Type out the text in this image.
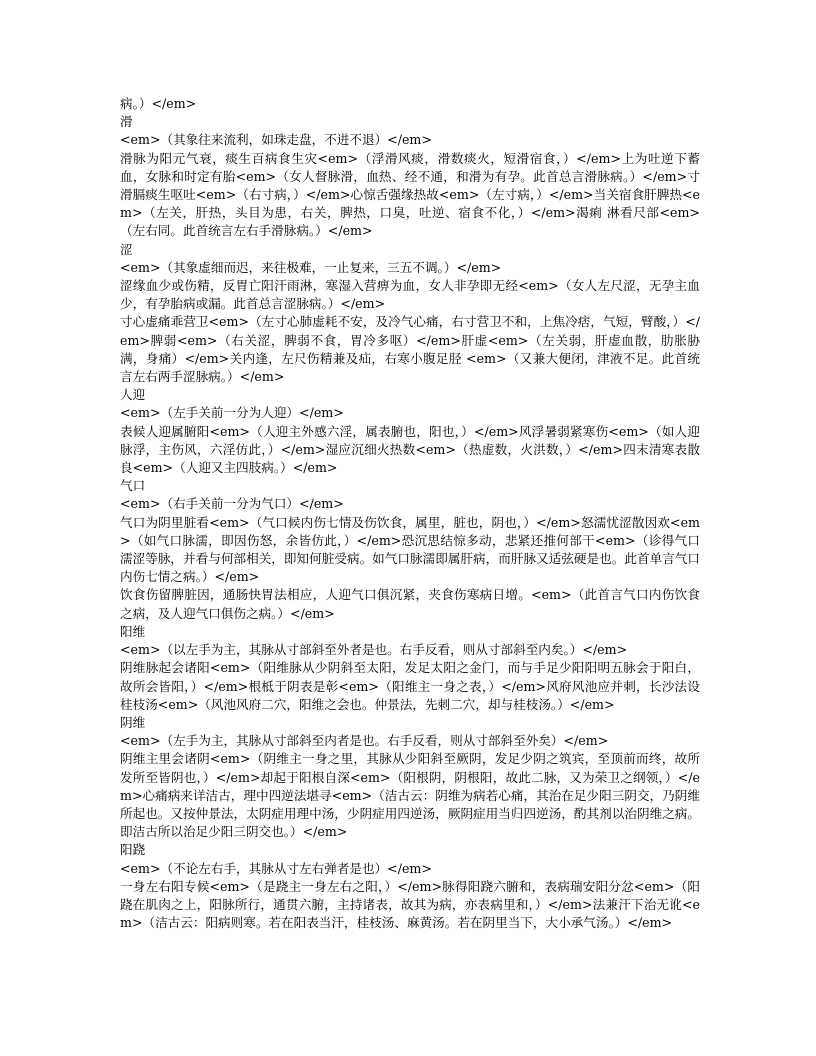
病。）</em>

滑

<em>（其象往来流利，如珠走盘，不进不退）</em>

滑脉为阳元气衰，痰生百病食生灾<em>（浮滑风痰，滑数痰火，短滑宿食，）</em>上为吐逆下蓄血，女脉和时定有胎<em>（女人督脉滑，血热、经不通，和滑为有孕。此首总言滑脉病。）</em>寸滑膈痰生呕吐<em>（右寸病，）</em>心惊舌强缘热故<em>（左寸病，）</em>当关宿食肝脾热<em>（左关，肝热，头目为患，右关，脾热，口臭，吐逆、宿食不化，）</em>渴痢 淋看尺部<em>（左右同。此首统言左右手滑脉病。）</em>

涩

<em>（其象虚细而迟，来往极难，一止复来，三五不调。）</em>

涩缘血少或伤精，反胃亡阳汗雨淋，寒湿入营痹为血，女人非孕即无经<em>（女人左尺涩，无孕主血少，有孕胎病或漏。此首总言涩脉病。）</em>

寸心虚痛乖营卫<em>（左寸心肺虚耗不安，及冷气心痛，右寸营卫不和，上焦冷痞，气短，臂酸，）</em>脾弱<em>（右关涩，脾弱不食，胃冷多呕）</em>肝虚<em>（左关弱，肝虚血散，肋胀胁满，身痛）</em>关内逢，左尺伤精兼及疝，右寒小腹足胫 <em>（又兼大便闭，津液不足。此首统言左右两手涩脉病。）</em>

人迎

<em>（左手关前一分为人迎）</em>

表候人迎属腑阳<em>（人迎主外感六淫，属表腑也，阳也，）</em>风浮暑弱紧寒伤<em>（如人迎脉浮，主伤风，六淫仿此，）</em>湿应沉细火热数<em>（热虚数，火洪数，）</em>四末清寒表散良<em>（人迎又主四肢病。）</em>

气口

<em>（右手关前一分为气口）</em>

气口为阴里脏看<em>（气口候内伤七情及伤饮食，属里，脏也，阴也，）</em>怒濡忧涩散因欢<em>（如气口脉濡，即因伤怒，余皆仿此，）</em>恐沉思结惊多动，悲紧还推何部干<em>（诊得气口濡涩等脉，并看与何部相关，即知何脏受病。如气口脉濡即属肝病，而肝脉又适弦硬是也。此首单言气口内伤七情之病。）</em>

饮食伤留脾脏因，通肠快胃法相应，人迎气口俱沉紧，夹食伤寒病日增。<em>（此首言气口内伤饮食之病，及人迎气口俱伤之病。）</em>

阳维

<em>（以左手为主，其脉从寸部斜至外者是也。右手反看，则从寸部斜至内矣。）</em>

阴维脉起会诸阳<em>（阳维脉从少阴斜至太阳，发足太阳之金门，而与手足少阳阳明五脉会于阳白，故所会皆阳，）</em>根柢于阴表是彰<em>（阳维主一身之表，）</em>风府风池应并刺，长沙法设桂枝汤<em>（风池风府二穴，阳维之会也。仲景法，先刺二穴，却与桂枝汤。）</em>

阴维

<em>（左手为主，其脉从寸部斜至内者是也。右手反看，则从寸部斜至外矣）</em>

阴维主里会诸阴<em>（阴维主一身之里，其脉从少阳斜至厥阴，发足少阴之筑宾，至顶前而终，故所发所至皆阴也，）</em>却起于阳根自深<em>（阳根阴，阴根阳，故此二脉，又为荣卫之纲领，）</em>心痛病来详洁古，理中四逆法堪寻<em>（洁古云：阴维为病若心痛，其治在足少阳三阴交，乃阴维所起也。又按仲景法，太阴症用理中汤，少阴症用四逆汤，厥阴症用当归四逆汤，酌其剂以治阴维之病。即洁古所以治足少阳三阴交也。）</em>

阳跷

<em>（不论左右手，其脉从寸左右弹者是也）</em>

一身左右阳专候<em>（是跷主一身左右之阳，）</em>脉得阳跷六腑和，表病瑞安阳分忿<em>（阳跷在肌肉之上，阳脉所行，通贯六腑，主持诸表，故其为病，亦表病里和，）</em>法兼汗下治无讹<em>（洁古云：阳病则寒。若在阳表当汗，桂枝汤、麻黄汤。若在阴里当下，大小承气汤。）</em>
